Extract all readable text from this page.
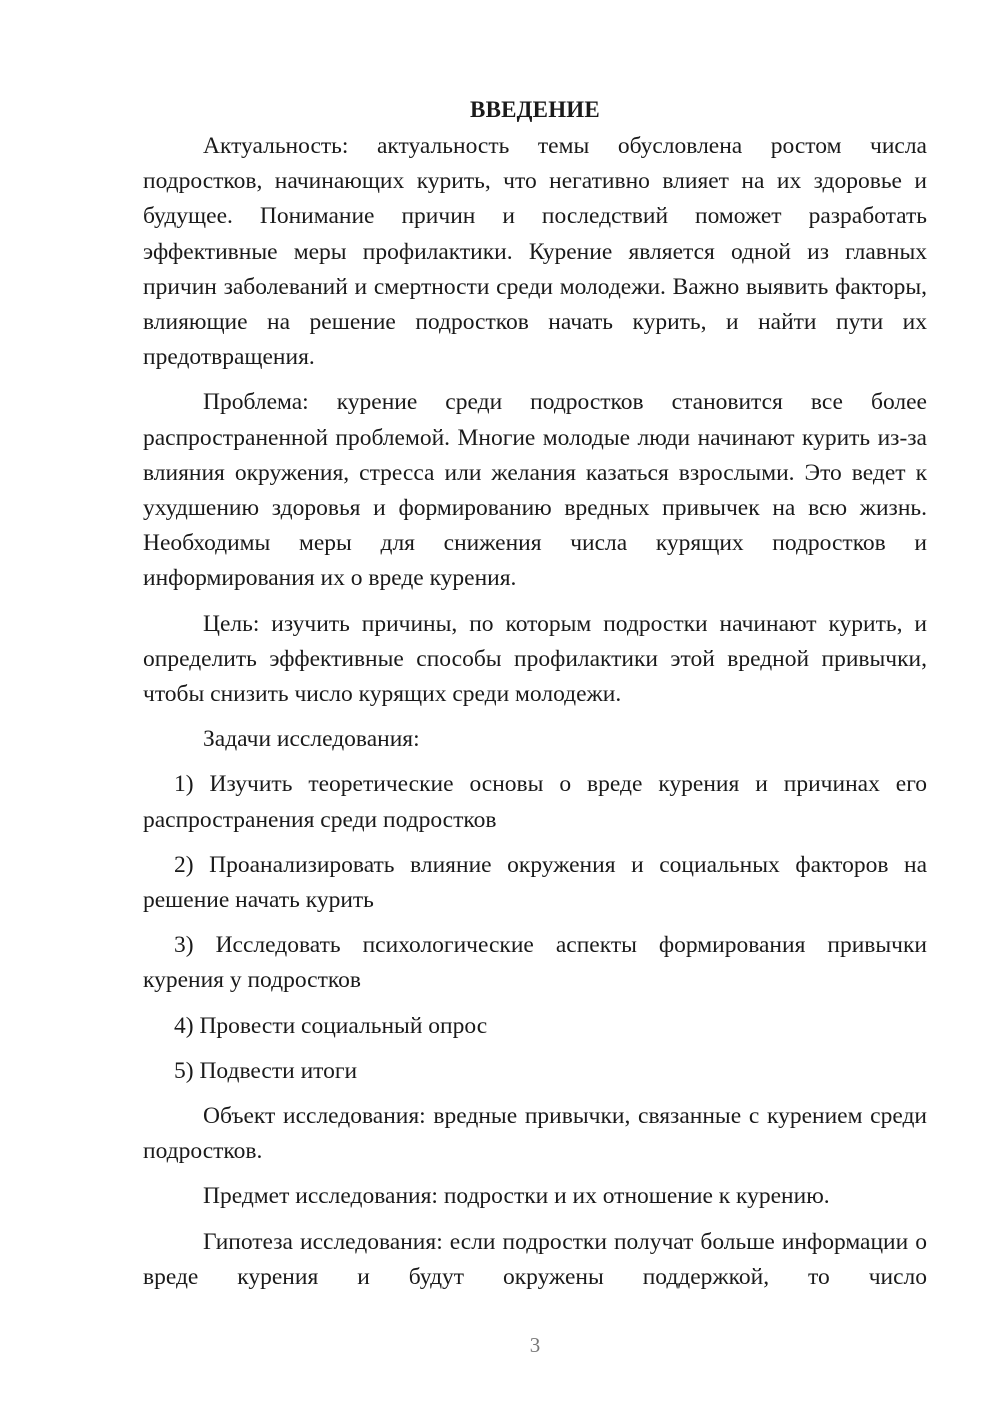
ВВЕДЕНИЕ

Актуальность: актуальность темы обусловлена ростом числа подростков, начинающих курить, что негативно влияет на их здоровье и будущее. Понимание причин и последствий поможет разработать эффективные меры профилактики. Курение является одной из главных причин заболеваний и смертности среди молодежи. Важно выявить факторы, влияющие на решение подростков начать курить, и найти пути их предотвращения.

Проблема: курение среди подростков становится все более распространенной проблемой. Многие молодые люди начинают курить из-за влияния окружения, стресса или желания казаться взрослыми. Это ведет к ухудшению здоровья и формированию вредных привычек на всю жизнь. Необходимы меры для снижения числа курящих подростков и информирования их о вреде курения.

Цель: изучить причины, по которым подростки начинают курить, и определить эффективные способы профилактики этой вредной привычки, чтобы снизить число курящих среди молодежи.

Задачи исследования:

1) Изучить теоретические основы о вреде курения и причинах его распространения среди подростков

2) Проанализировать влияние окружения и социальных факторов на решение начать курить

3) Исследовать психологические аспекты формирования привычки курения у подростков

4) Провести социальный опрос

5) Подвести итоги

Объект исследования: вредные привычки, связанные с курением среди подростков.

Предмет исследования: подростки и их отношение к курению.

Гипотеза исследования: если подростки получат больше информации о вреде курения и будут окружены поддержкой, то число

3
